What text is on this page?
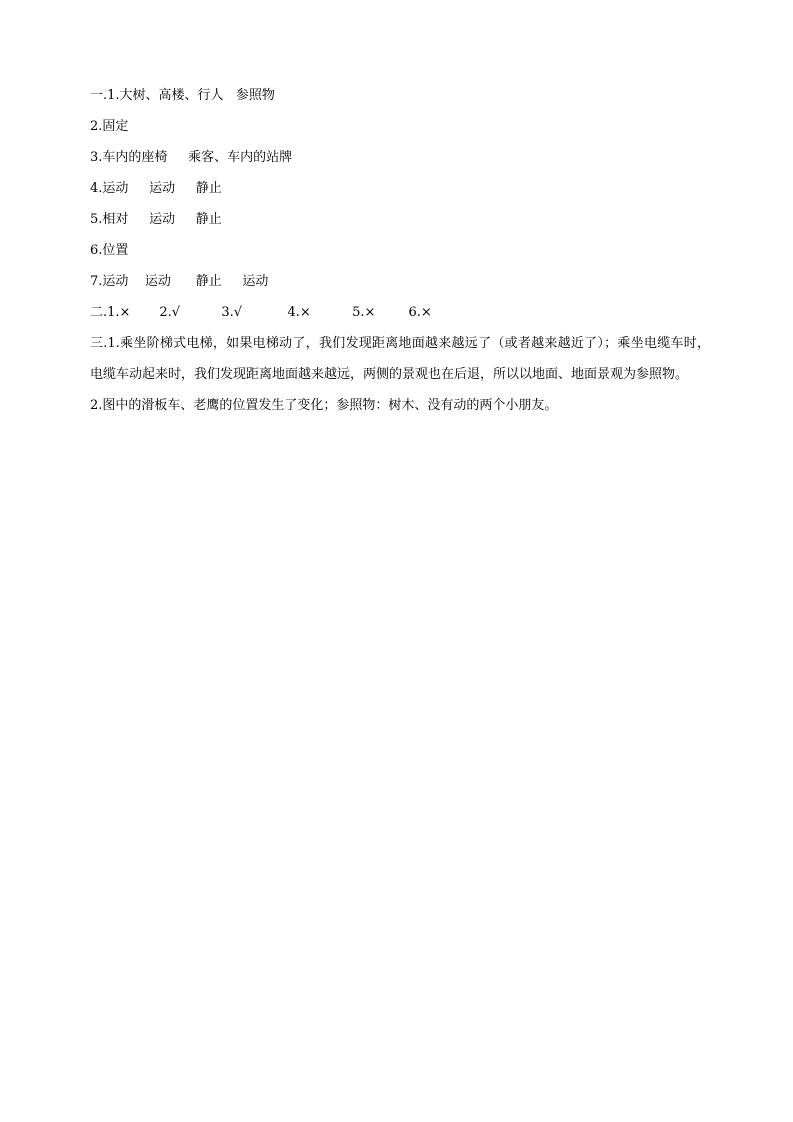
一.1.大树、高楼、行人   参照物
2.固定
3.车内的座椅     乘客、车内的站牌
4.运动     运动     静止
5.相对     运动     静止
6.位置
7.运动    运动      静止     运动
二.1.×       2.√          3.√           4.×          5.×        6.×
三.1.乘坐阶梯式电梯，如果电梯动了，我们发现距离地面越来越远了（或者越来越近了）；乘坐电缆车时，电缆车动起来时，我们发现距离地面越来越远，两侧的景观也在后退，所以以地面、地面景观为参照物。
2.图中的滑板车、老鹰的位置发生了变化；参照物：树木、没有动的两个小朋友。
